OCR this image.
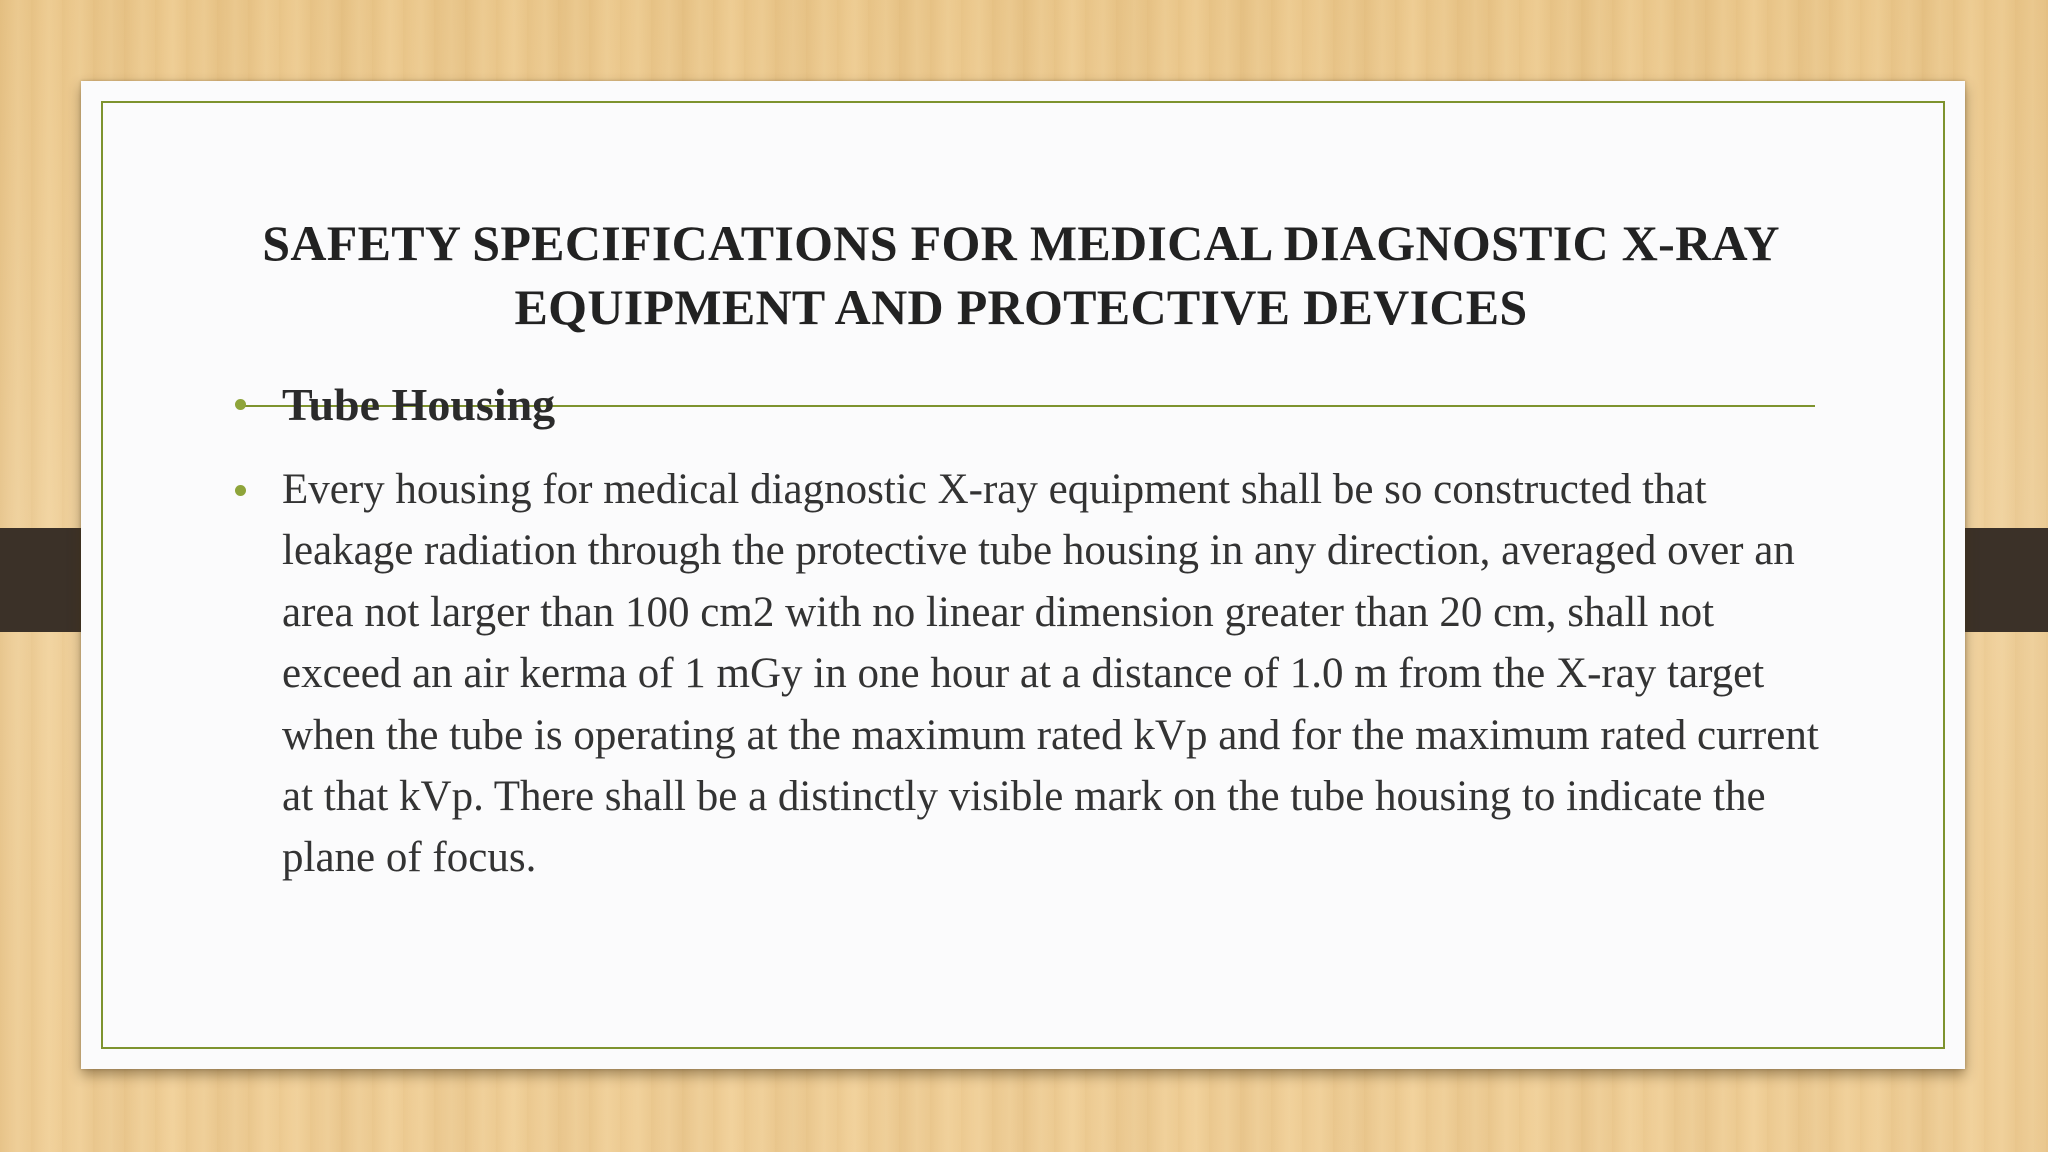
SAFETY SPECIFICATIONS FOR MEDICAL DIAGNOSTIC X-RAY EQUIPMENT AND PROTECTIVE DEVICES
Tube Housing
Every housing for medical diagnostic X-ray equipment shall be so constructed that leakage radiation through the protective tube housing in any direction, averaged over an area not larger than 100 cm2 with no linear dimension greater than 20 cm, shall not exceed an air kerma of 1 mGy in one hour at a distance of 1.0 m from the X-ray target when the tube is operating at the maximum rated kVp and for the maximum rated current at that kVp. There shall be a distinctly visible mark on the tube housing to indicate the plane of focus.
